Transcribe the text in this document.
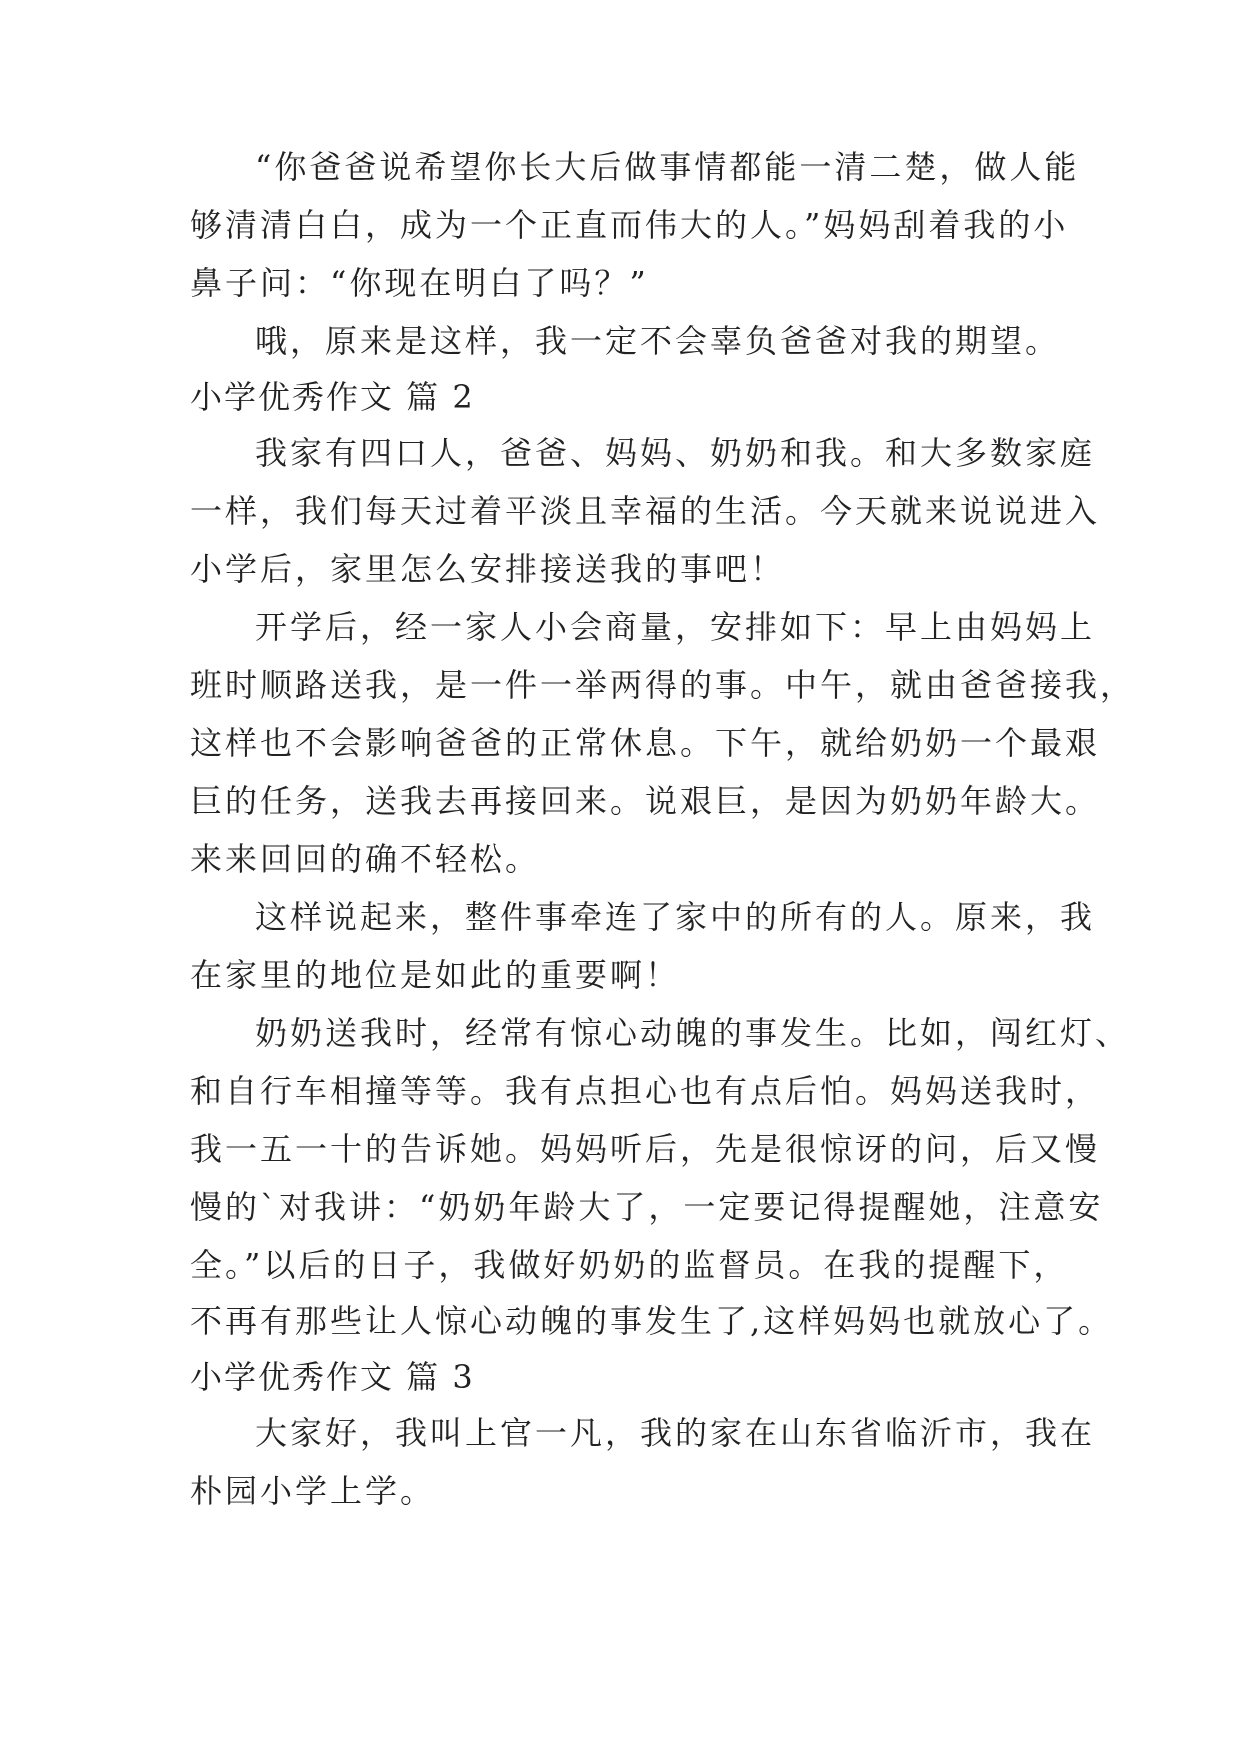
“你爸爸说希望你长大后做事情都能一清二楚，做人能
够清清白白，成为一个正直而伟大的人。”妈妈刮着我的小
鼻子问：“你现在明白了吗？”
哦，原来是这样，我一定不会辜负爸爸对我的期望。
小学优秀作文 篇 2
我家有四口人，爸爸、妈妈、奶奶和我。和大多数家庭
一样，我们每天过着平淡且幸福的生活。今天就来说说进入
小学后，家里怎么安排接送我的事吧！
开学后，经一家人小会商量，安排如下：早上由妈妈上
班时顺路送我，是一件一举两得的事。中午，就由爸爸接我，
这样也不会影响爸爸的正常休息。下午，就给奶奶一个最艰
巨的任务，送我去再接回来。说艰巨，是因为奶奶年龄大。
来来回回的确不轻松。
这样说起来，整件事牵连了家中的所有的人。原来，我
在家里的地位是如此的重要啊！
奶奶送我时，经常有惊心动魄的事发生。比如，闯红灯、
和自行车相撞等等。我有点担心也有点后怕。妈妈送我时，
我一五一十的告诉她。妈妈听后，先是很惊讶的问，后又慢
慢的`对我讲：“奶奶年龄大了，一定要记得提醒她，注意安
全。”以后的日子，我做好奶奶的监督员。在我的提醒下，
不再有那些让人惊心动魄的事发生了,这样妈妈也就放心了。
小学优秀作文 篇 3
大家好，我叫上官一凡，我的家在山东省临沂市，我在
朴园小学上学。
